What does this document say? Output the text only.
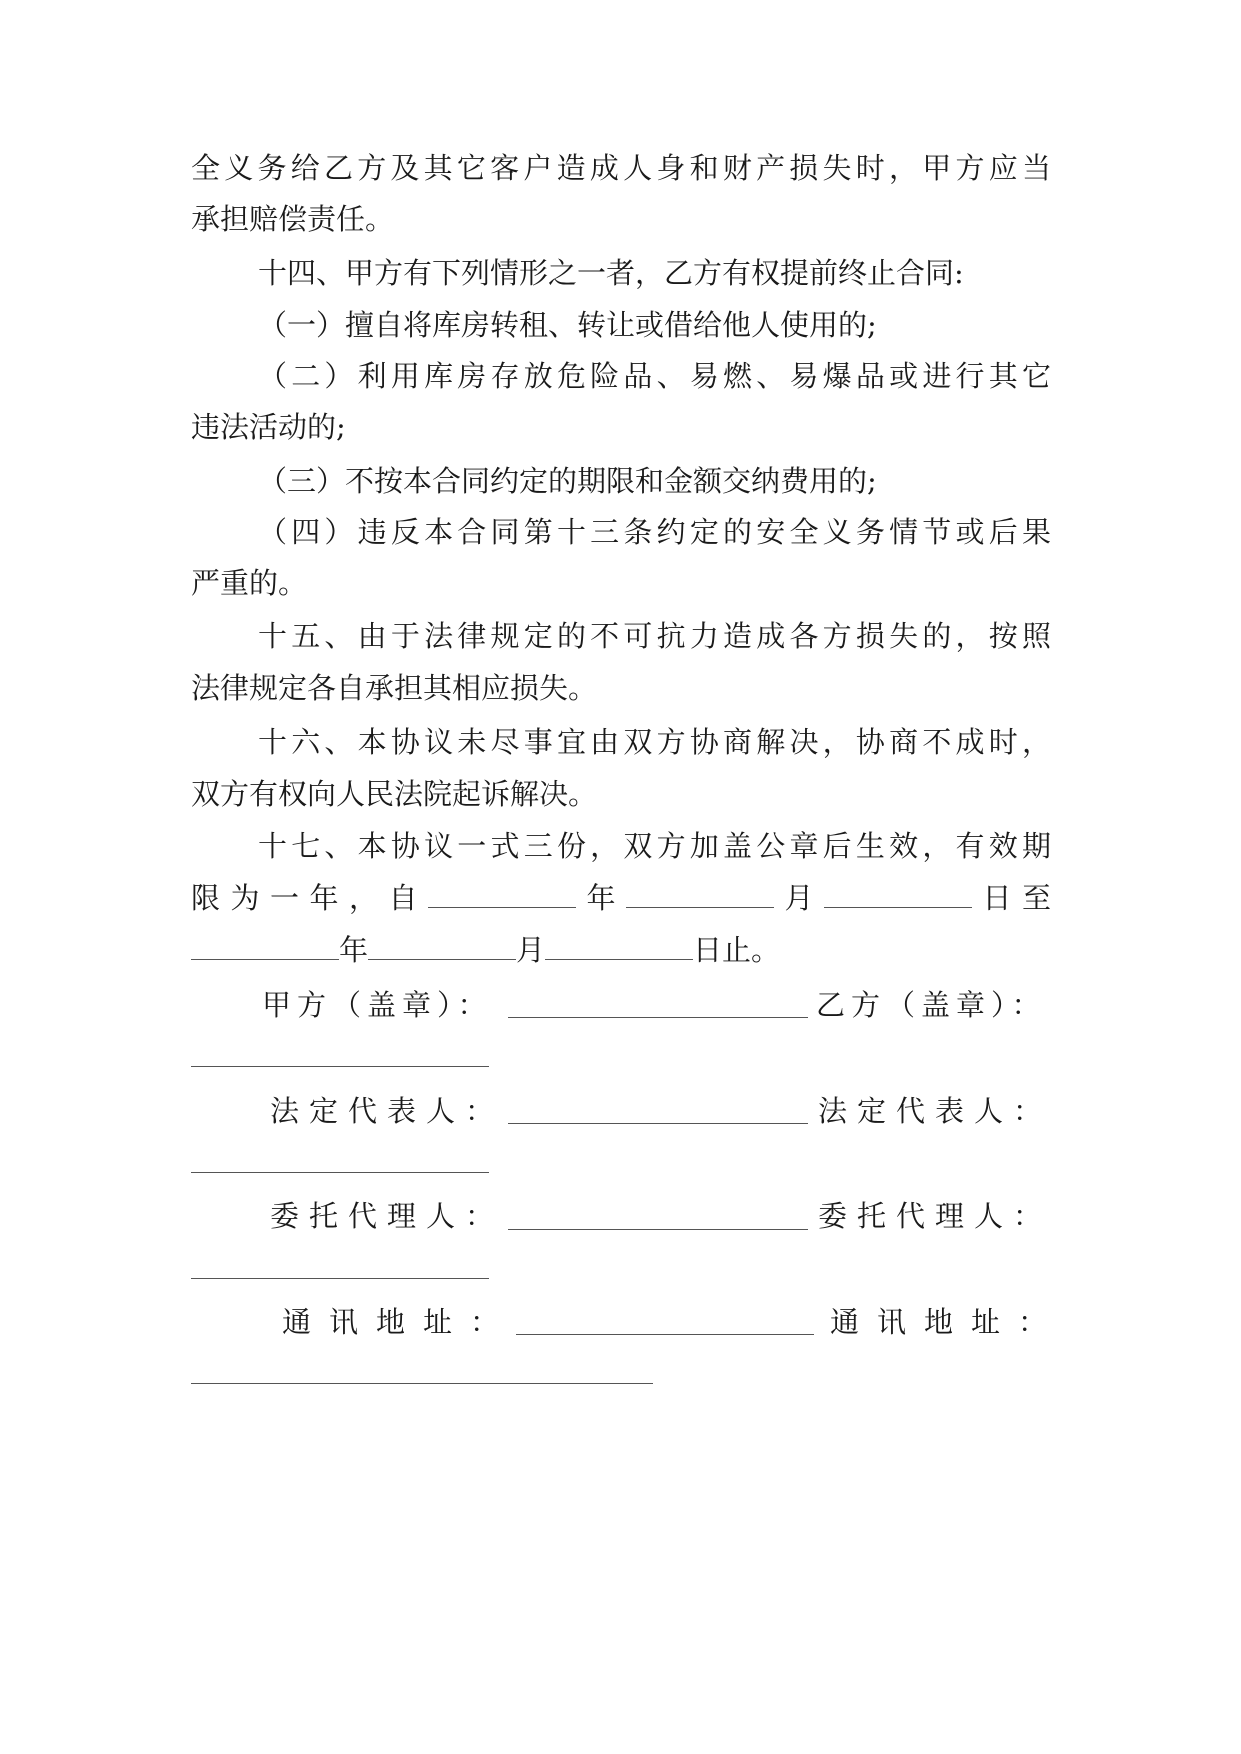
全义务给乙方及其它客户造成人身和财产损失时，甲方应当
承担赔偿责任。
十四、甲方有下列情形之一者，乙方有权提前终止合同:
（一）擅自将库房转租、转让或借给他人使用的;
（二）利用库房存放危险品、易燃、易爆品或进行其它
违法活动的;
（三）不按本合同约定的期限和金额交纳费用的;
（四）违反本合同第十三条约定的安全义务情节或后果
严重的。
十五、由于法律规定的不可抗力造成各方损失的，按照
法律规定各自承担其相应损失。
十六、本协议未尽事宜由双方协商解决，协商不成时，
双方有权向人民法院起诉解决。
十七、本协议一式三份，双方加盖公章后生效，有效期
限为一年，自	年	月	日至
年	月	日止。
甲方（盖章）：	乙方（盖章）：
法定代表人：	法定代表人：
委托代理人：	委托代理人：
通讯地址：	通讯地址：
